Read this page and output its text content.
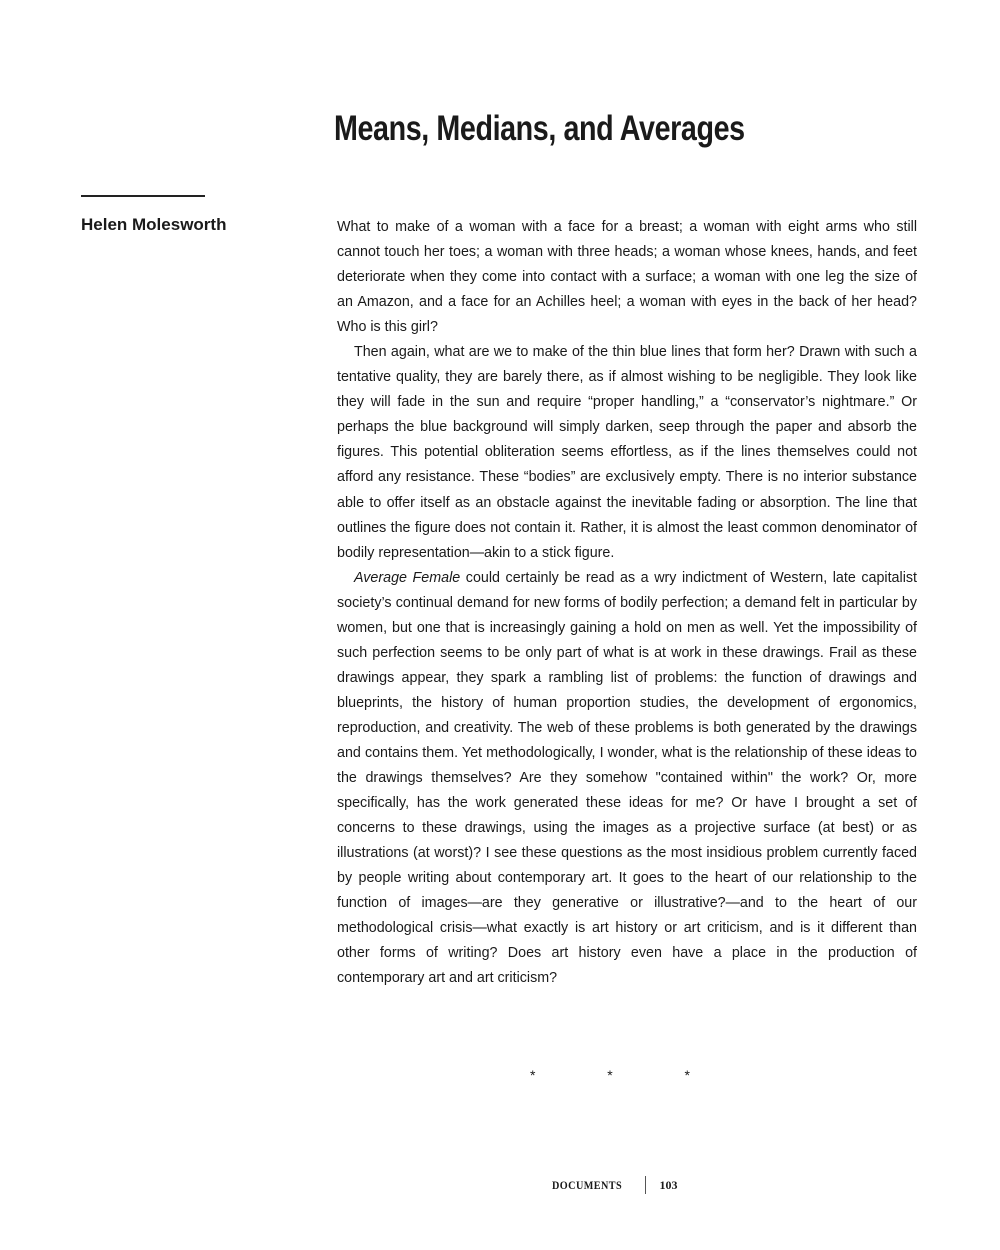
Means, Medians, and Averages
Helen Molesworth	What to make of a woman with a face for a breast; a woman with eight arms who still cannot touch her toes; a woman with three heads; a woman whose knees, hands, and feet deteriorate when they come into contact with a surface; a woman with one leg the size of an Amazon, and a face for an Achilles heel; a woman with eyes in the back of her head? Who is this girl?

Then again, what are we to make of the thin blue lines that form her? Drawn with such a tentative quality, they are barely there, as if almost wishing to be negligible. They look like they will fade in the sun and require “proper handling,” a “conservator’s nightmare.” Or perhaps the blue background will simply darken, seep through the paper and absorb the figures. This potential obliteration seems effortless, as if the lines themselves could not afford any resistance. These “bodies” are exclusively empty. There is no interior substance able to offer itself as an obstacle against the inevitable fading or absorption. The line that outlines the figure does not contain it. Rather, it is almost the least common denominator of bodily representation—akin to a stick figure.

Average Female could certainly be read as a wry indictment of Western, late capitalist society’s continual demand for new forms of bodily perfection; a demand felt in particular by women, but one that is increasingly gaining a hold on men as well. Yet the impossibility of such perfection seems to be only part of what is at work in these drawings. Frail as these drawings appear, they spark a rambling list of problems: the function of drawings and blueprints, the history of human proportion studies, the development of ergonomics, reproduction, and creativity. The web of these problems is both generated by the drawings and contains them. Yet methodologically, I wonder, what is the relationship of these ideas to the drawings themselves? Are they somehow "contained within" the work? Or, more specifically, has the work generated these ideas for me? Or have I brought a set of concerns to these drawings, using the images as a projective surface (at best) or as illustrations (at worst)? I see these questions as the most insidious problem currently faced by people writing about contemporary art. It goes to the heart of our relationship to the function of images—are they generative or illustrative?—and to the heart of our methodological crisis—what exactly is art history or art criticism, and is it different than other forms of writing? Does art history even have a place in the production of contemporary art and art criticism?

*	*	*
DOCUMENTS	103
